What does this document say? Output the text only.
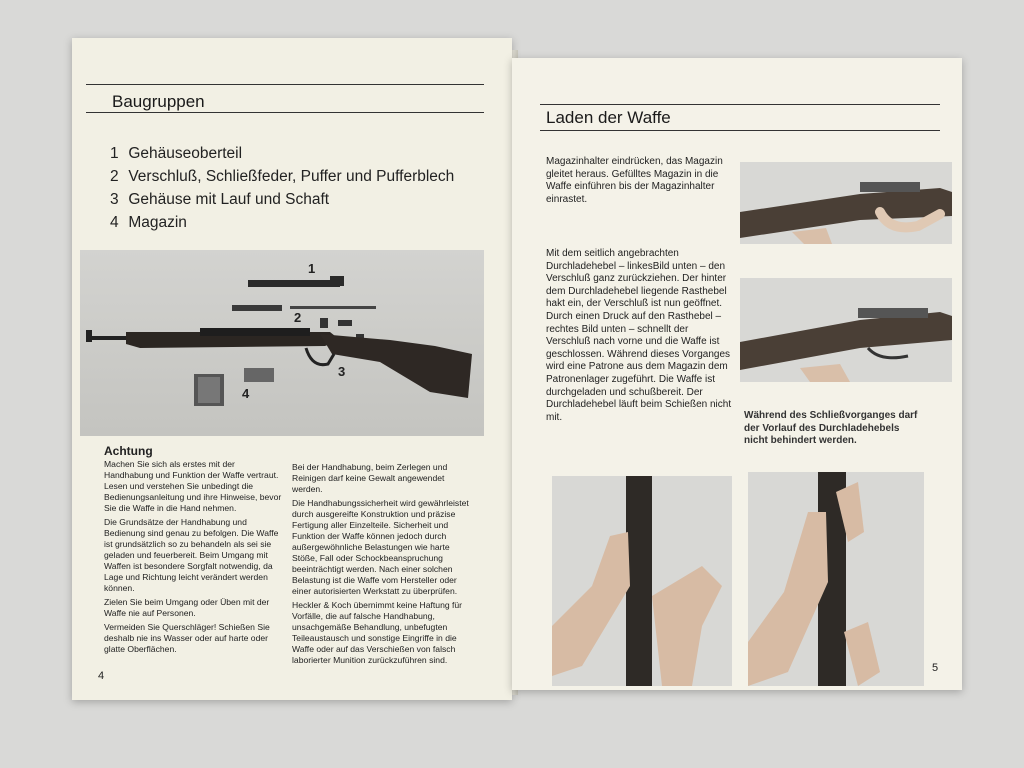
Baugruppen
1 Gehäuseoberteil
2 Verschluß, Schließfeder, Puffer und Pufferblech
3 Gehäuse mit Lauf und Schaft
4 Magazin
1
2
3
4
Achtung

Machen Sie sich als erstes mit der Handhabung und Funktion der Waffe vertraut. Lesen und verstehen Sie unbedingt die Bedienungsanleitung und ihre Hinweise, bevor Sie die Waffe in die Hand nehmen.

Die Grundsätze der Handhabung und Bedienung sind genau zu befolgen. Die Waffe ist grundsätzlich so zu behandeln als sei sie geladen und feuerbereit. Beim Umgang mit Waffen ist besondere Sorgfalt notwendig, da Lage und Richtung leicht verändert werden können.

Zielen Sie beim Umgang oder Üben mit der Waffe nie auf Personen.

Vermeiden Sie Querschläger! Schießen Sie deshalb nie ins Wasser oder auf harte oder glatte Oberflächen.

Bei der Handhabung, beim Zerlegen und Reinigen darf keine Gewalt angewendet werden.

Die Handhabungssicherheit wird gewährleistet durch ausgereifte Konstruktion und präzise Fertigung aller Einzelteile. Sicherheit und Funktion der Waffe können jedoch durch außergewöhnliche Belastungen wie harte Stöße, Fall oder Schockbeanspruchung beeinträchtigt werden. Nach einer solchen Belastung ist die Waffe vom Hersteller oder einer autorisierten Werkstatt zu überprüfen.

Heckler & Koch übernimmt keine Haftung für Vorfälle, die auf falsche Handhabung, unsachgemäße Behandlung, unbefugten Teileaustausch und sonstige Eingriffe in die Waffe oder auf das Verschießen von falsch laborierter Munition zurückzuführen sind.

4
Laden der Waffe
Magazinhalter eindrücken, das Magazin gleitet heraus. Gefülltes Magazin in die Waffe einführen bis der Magazinhalter einrastet.
Mit dem seitlich angebrachten Durchladehebel – linkesBild unten – den Verschluß ganz zurückziehen. Der hinter dem Durchladehebel liegende Rasthebel hakt ein, der Verschluß ist nun geöffnet. Durch einen Druck auf den Rasthebel – rechtes Bild unten – schnellt der Verschluß nach vorne und die Waffe ist geschlossen. Während dieses Vorganges wird eine Patrone aus dem Magazin dem Patronenlager zugeführt. Die Waffe ist durchgeladen und schußbereit. Der Durchladehebel läuft beim Schießen nicht mit.	Während des Schließvorganges darf der Vorlauf des Durchladehebels nicht behindert werden.
5
